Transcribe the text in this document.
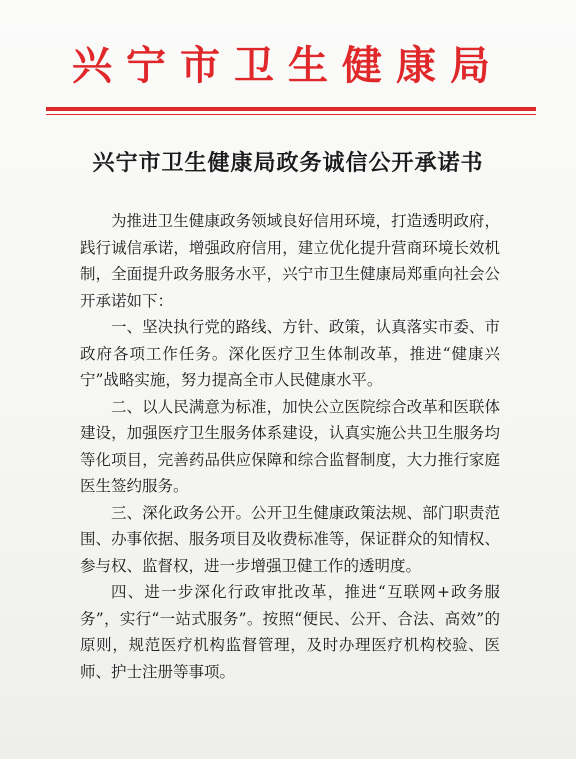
兴宁市卫生健康局
兴宁市卫生健康局政务诚信公开承诺书

为推进卫生健康政务领域良好信用环境，打造透明政府，践行诚信承诺，增强政府信用，建立优化提升营商环境长效机制，全面提升政务服务水平，兴宁市卫生健康局郑重向社会公开承诺如下：

一、坚决执行党的路线、方针、政策，认真落实市委、市政府各项工作任务。深化医疗卫生体制改革，推进“健康兴宁”战略实施，努力提高全市人民健康水平。

二、以人民满意为标准，加快公立医院综合改革和医联体建设，加强医疗卫生服务体系建设，认真实施公共卫生服务均等化项目，完善药品供应保障和综合监督制度，大力推行家庭医生签约服务。

三、深化政务公开。公开卫生健康政策法规、部门职责范围、办事依据、服务项目及收费标准等，保证群众的知情权、参与权、监督权，进一步增强卫健工作的透明度。

四、进一步深化行政审批改革，推进“互联网+政务服务”，实行“一站式服务”。按照“便民、公开、合法、高效”的原则，规范医疗机构监督管理，及时办理医疗机构校验、医师、护士注册等事项。
